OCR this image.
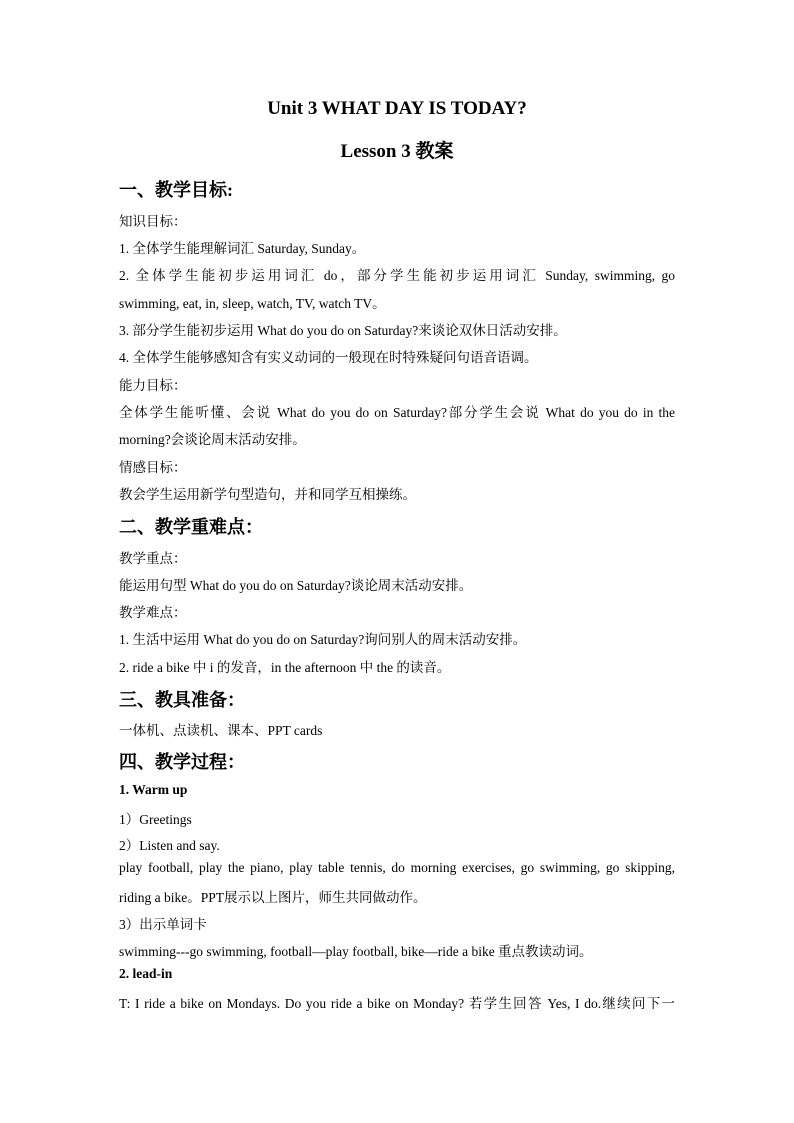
Unit 3 WHAT DAY IS TODAY?
Lesson 3 教案
一、教学目标:
知识目标：
1. 全体学生能理解词汇 Saturday, Sunday。
2. 全体学生能初步运用词汇 do，部分学生能初步运用词汇 Sunday, swimming, go
swimming, eat, in, sleep, watch, TV, watch TV。
3. 部分学生能初步运用 What do you do on Saturday?来谈论双休日活动安排。
4. 全体学生能够感知含有实义动词的一般现在时特殊疑问句语音语调。
能力目标：
全体学生能听懂、会说 What do you do on Saturday?部分学生会说 What do you do in the
morning?会谈论周末活动安排。
情感目标：
教会学生运用新学句型造句，并和同学互相操练。
二、教学重难点：
教学重点：
能运用句型 What do you do on Saturday?谈论周末活动安排。
教学难点：
1. 生活中运用 What do you do on Saturday?询问别人的周末活动安排。
2. ride a bike 中 i 的发音，in the afternoon 中 the 的读音。
三、教具准备：
一体机、点读机、课本、PPT cards
四、教学过程：
1. Warm up
1）Greetings
2）Listen and say.
play football, play the piano, play table tennis, do morning exercises, go swimming, go skipping,
riding a bike。PPT展示以上图片，师生共同做动作。
3）出示单词卡
swimming---go swimming, football—play football, bike—ride a bike 重点教读动词。
2. lead-in
T: I ride a bike on Mondays. Do you ride a bike on Monday? 若学生回答 Yes, I do.继续问下一
